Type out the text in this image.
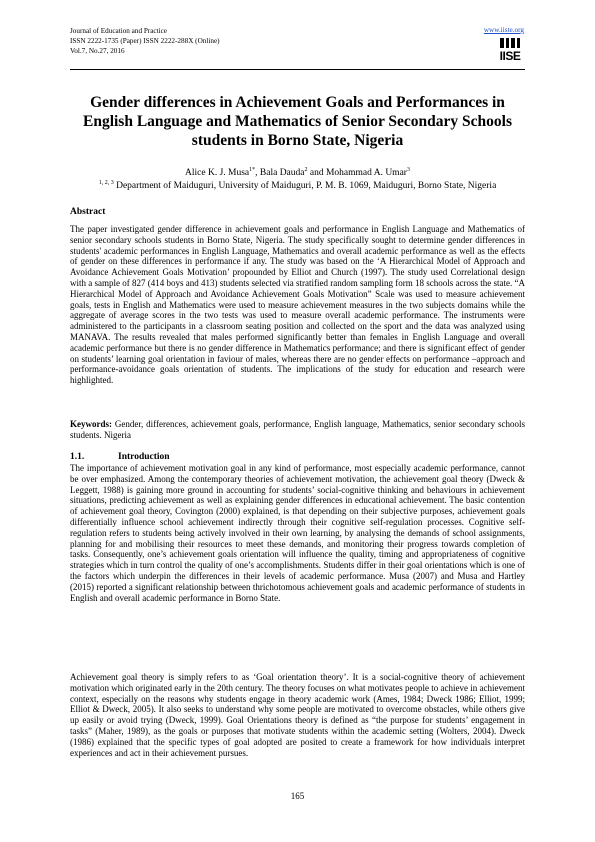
Journal of Education and Practice
ISSN 2222-1735 (Paper) ISSN 2222-288X (Online)
Vol.7, No.27, 2016
www.iiste.org
IISE
Gender differences in Achievement Goals and Performances in English Language and Mathematics of Senior Secondary Schools students in Borno State, Nigeria
Alice K. J. Musa$^{1*}$, Bala Dauda$^2$ and Mohammad A. Umar$^3$
$^{1, 2, 3}$ Department of Maiduguri, University of Maiduguri, P. M. B. 1069, Maiduguri, Borno State, Nigeria
Abstract

The paper investigated gender difference in achievement goals and performance in English Language and Mathematics of senior secondary schools students in Borno State, Nigeria. The study specifically sought to determine gender differences in students' academic performances in English Language, Mathematics and overall academic performance as well as the effects of gender on these differences in performance if any. The study was based on the ‘A Hierarchical Model of Approach and Avoidance Achievement Goals Motivation’ propounded by Elliot and Church (1997). The study used Correlational design with a sample of 827 (414 boys and 413) students selected via stratified random sampling form 18 schools across the state. “A Hierarchical Model of Approach and Avoidance Achievement Goals Motivation” Scale was used to measure achievement goals, tests in English and Mathematics were used to measure achievement measures in the two subjects domains while the aggregate of average scores in the two tests was used to measure overall academic performance. The instruments were administered to the participants in a classroom seating position and collected on the sport and the data was analyzed using MANAVA. The results revealed that males performed significantly better than females in English Language and overall academic performance but there is no gender difference in Mathematics performance; and there is significant effect of gender on students’ learning goal orientation in faviour of males, whereas there are no gender effects on performance –approach and performance-avoidance goals orientation of students. The implications of the study for education and research were highlighted.

Keywords: Gender, differences, achievement goals, performance, English language, Mathematics, senior secondary schools students. Nigeria
1.1.	Introduction

The importance of achievement motivation goal in any kind of performance, most especially academic performance, cannot be over emphasized. Among the contemporary theories of achievement motivation, the achievement goal theory (Dweck & Leggett, 1988) is gaining more ground in accounting for students’ social-cognitive thinking and behaviours in achievement situations, predicting achievement as well as explaining gender differences in educational achievement. The basic contention of achievement goal theory, Covington (2000) explained, is that depending on their subjective purposes, achievement goals differentially influence school achievement indirectly through their cognitive self-regulation processes. Cognitive self-regulation refers to students being actively involved in their own learning, by analysing the demands of school assignments, planning for and mobilising their resources to meet these demands, and monitoring their progress towards completion of tasks. Consequently, one’s achievement goals orientation will influence the quality, timing and appropriateness of cognitive strategies which in turn control the quality of one’s accomplishments. Students differ in their goal orientations which is one of the factors which underpin the differences in their levels of academic performance. Musa (2007) and Musa and Hartley (2015) reported a significant relationship between thrichotomous achievement goals and academic performance of students in English and overall academic performance in Borno State.

Achievement goal theory is simply refers to as ‘Goal orientation theory’. It is a social-cognitive theory of achievement motivation which originated early in the 20th century. The theory focuses on what motivates people to achieve in achievement context, especially on the reasons why students engage in theory academic work (Ames, 1984; Dweck 1986; Elliot, 1999; Elliot & Dweck, 2005). It also seeks to understand why some people are motivated to overcome obstacles, while others give up easily or avoid trying (Dweck, 1999). Goal Orientations theory is defined as “the purpose for students’ engagement in tasks” (Maher, 1989), as the goals or purposes that motivate students within the academic setting (Wolters, 2004). Dweck (1986) explained that the specific types of goal adopted are posited to create a framework for how individuals interpret experiences and act in their achievement pursues.

165
